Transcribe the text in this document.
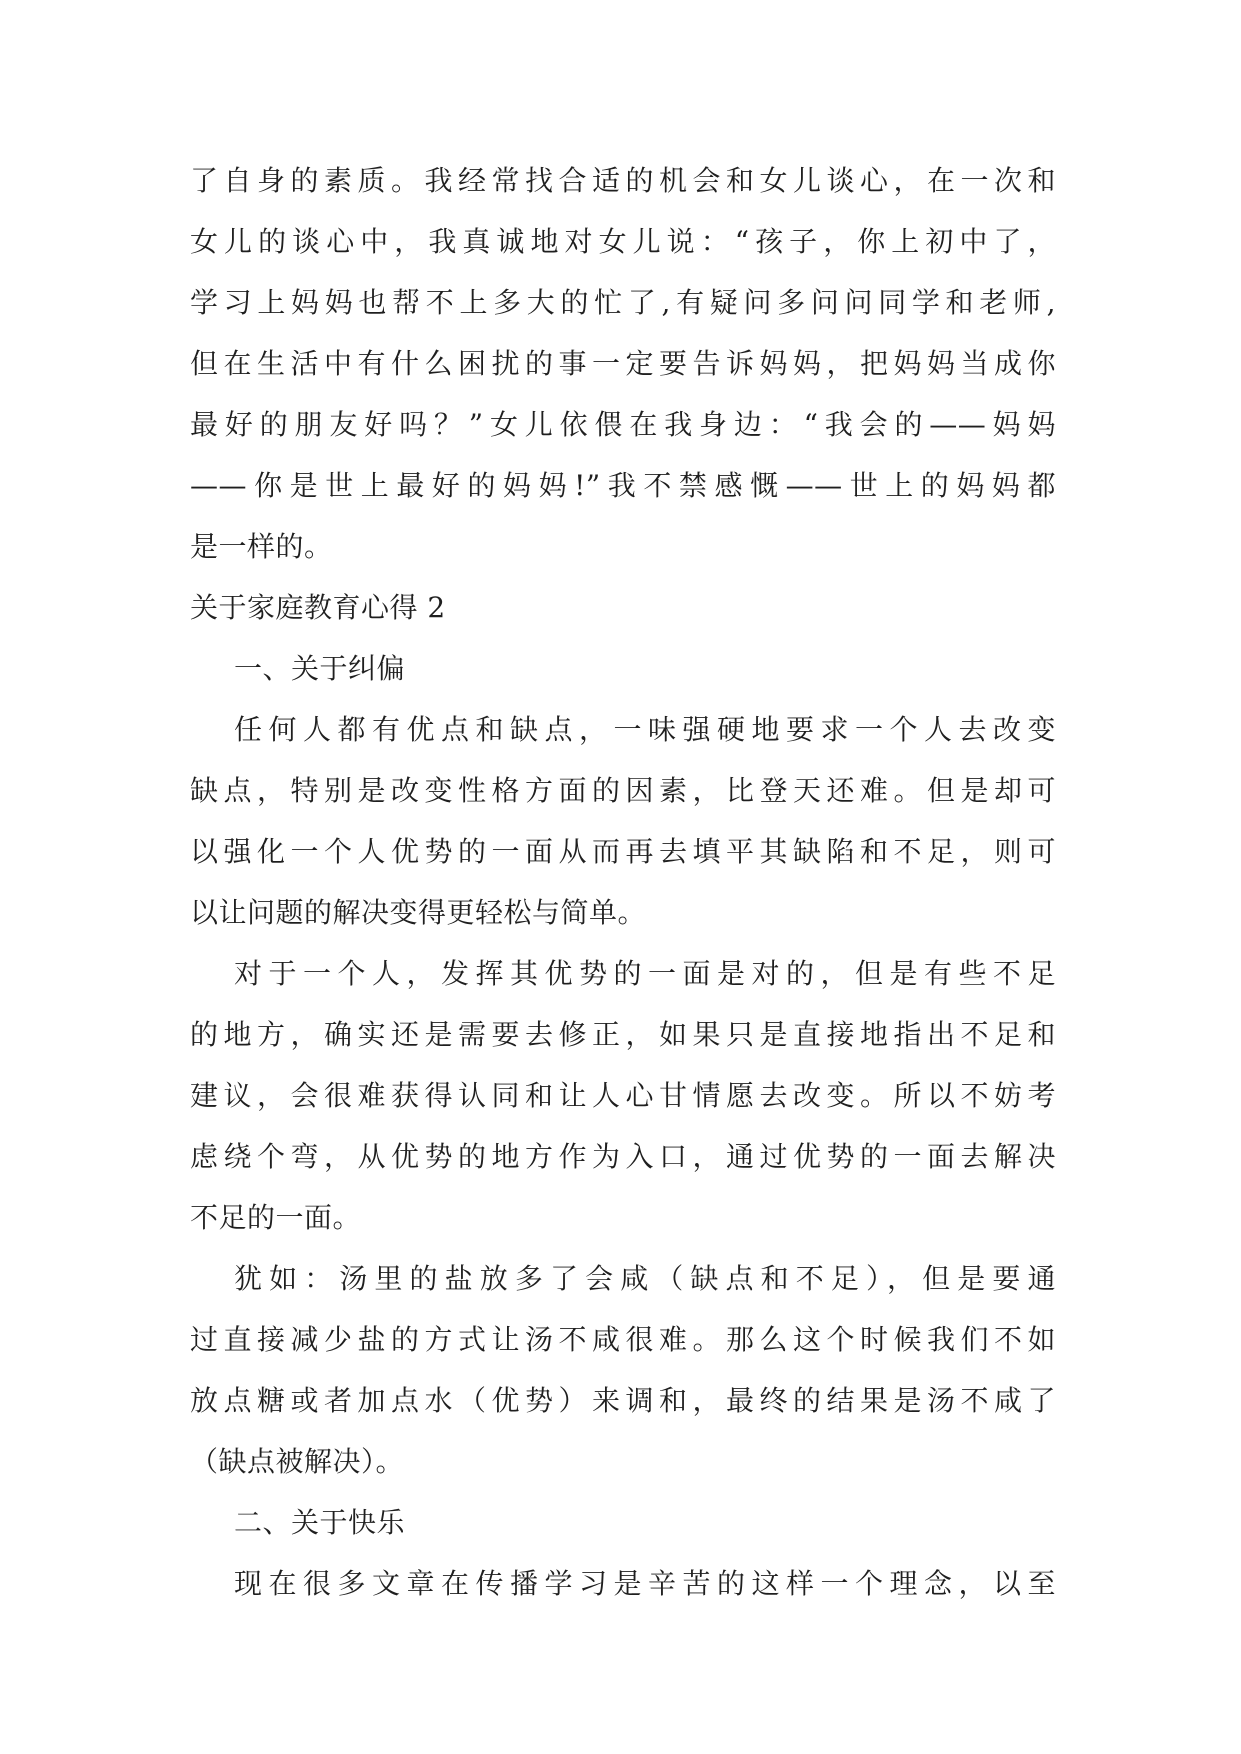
了自身的素质。我经常找合适的机会和女儿谈心，在一次和
女儿的谈心中，我真诚地对女儿说：“孩子，你上初中了，
学习上妈妈也帮不上多大的忙了,有疑问多问问同学和老师,
但在生活中有什么困扰的事一定要告诉妈妈，把妈妈当成你
最好的朋友好吗？”女儿依偎在我身边：“我会的——妈妈
——你是世上最好的妈妈!”我不禁感慨——世上的妈妈都
是一样的。
关于家庭教育心得 2
一、关于纠偏
任何人都有优点和缺点，一味强硬地要求一个人去改变
缺点，特别是改变性格方面的因素，比登天还难。但是却可
以强化一个人优势的一面从而再去填平其缺陷和不足，则可
以让问题的解决变得更轻松与简单。
对于一个人，发挥其优势的一面是对的，但是有些不足
的地方，确实还是需要去修正，如果只是直接地指出不足和
建议，会很难获得认同和让人心甘情愿去改变。所以不妨考
虑绕个弯，从优势的地方作为入口，通过优势的一面去解决
不足的一面。
犹如：汤里的盐放多了会咸（缺点和不足），但是要通
过直接减少盐的方式让汤不咸很难。那么这个时候我们不如
放点糖或者加点水（优势）来调和，最终的结果是汤不咸了
（缺点被解决）。
二、关于快乐
现在很多文章在传播学习是辛苦的这样一个理念，以至
